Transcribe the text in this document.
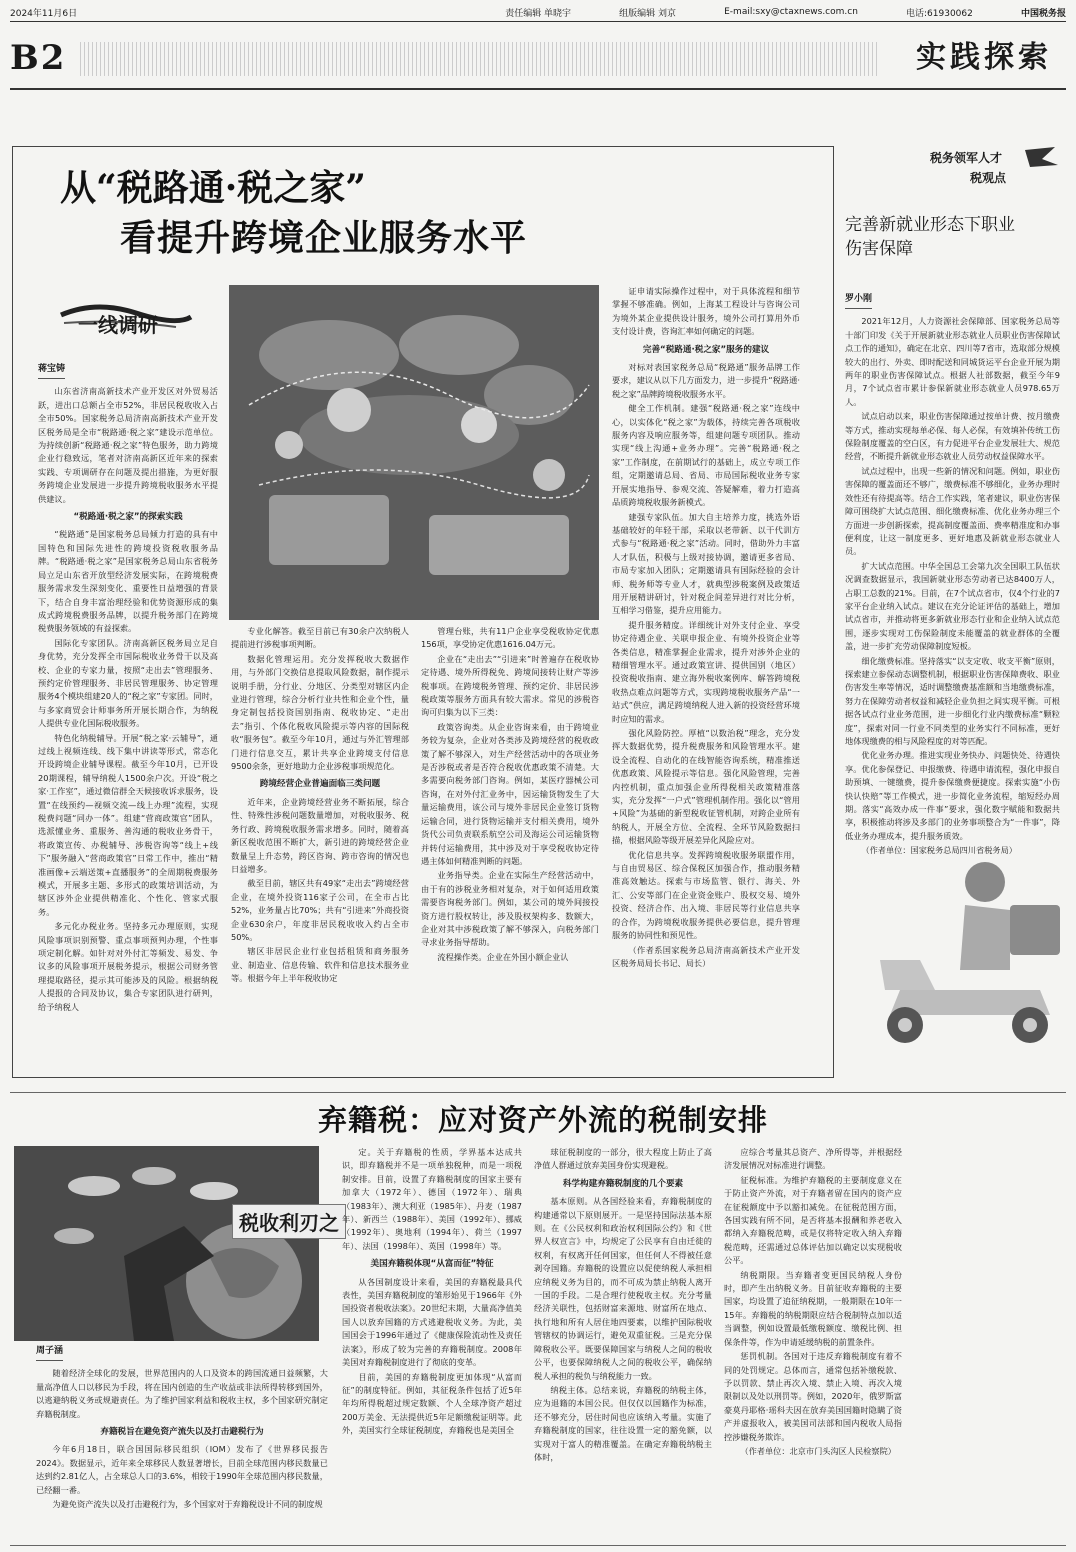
2024年11月6日	责任编辑 单晓宇	组版编辑 刘京	E-mail:sxy@ctaxnews.com.cn	电话:61930062	中国税务报
B2	实践探索
从“税路通·税之家”
看提升跨境企业服务水平
一线调研
蒋宝铸

山东省济南高新技术产业开发区对外贸易活跃，进出口总额占全市52%，非居民税收收入占全市50%。国家税务总局济南高新技术产业开发区税务局是全市“税路通·税之家”建设示范单位。为持续创新“税路通·税之家”特色服务，助力跨境企业行稳致远，笔者对济南高新区近年来的探索实践、专项调研存在问题及提出措施，为更好服务跨境企业发展进一步提升跨境税收服务水平提供建议。

“税路通·税之家”的探索实践

“税路通”是国家税务总局倾力打造的具有中国特色和国际先进性的跨境投资税收服务品牌。“税路通·税之家”是国家税务总局山东省税务局立足山东省开放型经济发展实际，在跨境税费服务需求发生深刻变化、重要性日益增强的背景下，结合自身丰富治理经验和优势资源形成的集成式跨境税费服务品牌，以提升税务部门在跨境税费服务领域的有益探索。

国际化专家团队。济南高新区税务局立足自身优势，充分发挥全市国际税收业务骨干以及高校、企业的专家力量，按照“走出去”管理服务、预约定价管理服务、非居民管理服务、协定管理服务4个模块组建20人的“税之家”专家团。同时，与多家商贸会计师事务所开展长期合作，为纳税人提供专业化国际税收服务。

特色化纳税辅导。开展“税之家·云辅导”，通过线上视频连线、线下集中讲读等形式，常态化开设跨境企业辅导课程。截至今年10月，已开设20期课程，辅导纳税人1500余户次。开设“税之家·工作室”，通过微信群全天候接收诉求服务，设置“在线预约—视频交流—线上办理”流程，实现税费问题“同办一体”。组建“营商政策官”团队，选派懂业务、重服务、善沟通的税收业务骨干，将政策宣传、办税辅导、涉税咨询等“线上+线下”服务融入“营商政策官”日常工作中，推出“精准画像+云端送策+直播服务”的全周期税费服务模式，开展多主题、多形式的政策培训活动，为辖区涉外企业提供精准化、个性化、管家式服务。

多元化办税业务。坚持多元办理原则，实现风险事项识别预警、重点事项预判办理，个性事项定制化解。如针对对外付汇等频发、易发、争议多的风险事项开展税务提示，根据公司财务管理提取路径，提示其可能涉及的风险。根据纳税人提报的合同及协议，集合专家团队进行研判，给予纳税人

专业化解答。截至目前已有30余户次纳税人提前进行涉税事项判断。

数据化管理运用。充分发挥税收大数据作用，与外部门交换信息提取风险数据，制作提示说明手册，分行业、分地区、分类型对辖区内企业进行管理，综合分析行业共性和企业个性，量身定制包括投资国别指南、税收协定、“走出去”指引、个体化税收风险提示等内容的国际税收“服务包”。截至今年10月，通过与外汇管理部门进行信息交互，累计共享企业跨境支付信息9500余条，更好地助力企业涉税事项规范化。

跨境经营企业普遍面临三类问题

近年来，企业跨境经营业务不断拓展，综合性、特殊性涉税问题数量增加，对税收服务、税务行政、跨境税收服务需求增多。同时，随着高新区税收范围不断扩大，新引进的跨境经营企业数量呈上升态势，跨区咨询、跨市咨询的情况也日益增多。

截至目前，辖区共有49家“走出去”跨境经营企业，在境外投资116家子公司，在全市占比52%，业务量占比70%；共有“引进来”外商投资企业630余户，年度非居民税收收入约占全市50%。

辖区非居民企业行业包括租赁和商务服务业、制造业、信息传输、软件和信息技术服务业等。根据今年上半年税收协定

管理台账，共有11户企业享受税收协定优惠156项，享受协定优惠1616.04万元。

企业在“走出去”“引进来”时普遍存在税收协定待遇、境外所得税免、跨境间接转让财产等涉税事项。在跨境税务管理、预约定价、非居民涉税政策等服务方面具有较大需求。常见的涉税咨询可归集为以下三类：

政策咨询类。从企业咨询来看，由于跨境业务较为复杂，企业对各类涉及跨境经营的税收政策了解不够深入，对生产经营活动中的各项业务是否涉税或者是否符合税收优惠政策不清楚。大多需要向税务部门咨询。例如，某医疗器械公司咨询，在对外付汇业务中，因运输货物发生了大量运输费用，该公司与境外非居民企业签订货物运输合同，进行货物运输并支付相关费用，境外货代公司负责联系航空公司及海运公司运输货物并转付运输费用，其中涉及对于享受税收协定待遇主体如何精准判断的问题。

业务指导类。企业在实际生产经营活动中，由于有的涉税业务相对复杂，对于如何适用政策需要咨询税务部门。例如，某公司的境外间接投资方进行股权转让，涉及股权架构多、数额大，企业对其中涉税政策了解不够深入，向税务部门寻求业务指导帮助。

流程操作类。企业在外国小额企业认

证申请实际操作过程中，对于具体流程和细节掌握不够准确。例如，上海某工程设计与咨询公司为境外某企业提供设计服务，境外公司打算用外币支付设计费，咨询汇率如何确定的问题。

完善“税路通·税之家”服务的建议

对标对表国家税务总局“税路通”服务品牌工作要求，建议从以下几方面发力，进一步提升“税路通·税之家”品牌跨境税收服务水平。

健全工作机制。建强“税路通·税之家”连线中心，以实体化“税之家”为载体，持续完善各项税收服务内容及响应服务等，组建问题专项团队。推动实现“线上沟通+业务办理”。完善“税路通·税之家”工作制度，在前期试行的基础上，成立专项工作组，定期邀请总局、省局、市局国际税收业务专家开展实地指导、参观交流、答疑解难，着力打造高品质跨境税收服务新模式。

建强专家队伍。加大自主培养力度，挑选外语基础较好的年轻干部，采取以老带新、以干代训方式参与“税路通·税之家”活动。同时，借助外力丰富人才队伍，积极与上级对接协调，邀请更多省局、市局专家加入团队；定期邀请具有国际经验的会计师、税务师等专业人才，就典型涉税案例及政策适用开展精讲研讨，针对税企间差异进行对比分析，互相学习借鉴，提升应用能力。

提升服务精度。详细统计对外支付企业、享受协定待遇企业、关联申报企业、有境外投资企业等各类信息，精准掌握企业需求，提升对涉外企业的精细管理水平。通过政策宣讲、提供国别（地区）投资税收指南、建立海外税收案例库、解答跨境税收热点难点问题等方式，实现跨境税收服务产品“一站式”供应，满足跨境纳税人进入新的投资经营环境时应知的需求。

强化风险防控。厚植“以数治税”理念，充分发挥大数据优势，提升税费服务和风险管理水平。建设全流程、自动化的在线智能咨询系统，精准推送优惠政策、风险提示等信息。强化风险管理，完善内控机制，重点加强企业所得税相关政策精准落实，充分发挥“一户式”管理机制作用。强化以“管用+风险”为基础的新型税收征管机制，对跨企业所有纳税人，开展全方位、全流程、全环节风险数据扫描，根据风险等级开展差异化风险应对。

优化信息共享。发挥跨境税收服务联盟作用，与自由贸易区、综合保税区加强合作，推动服务精准高效触达。探索与市场监管、银行、海关、外汇、公安等部门在企业资金账户、股权交易、境外投资、经济合作、出入境、非居民等行业信息共享的合作，为跨境税收服务提供必要信息，提升管理服务的协同性和预见性。

（作者系国家税务总局济南高新技术产业开发区税务局局长书记、局长）

税务领军人才
税观点
完善新就业形态下职业
伤害保障
罗小刚

2021年12月，人力资源社会保障部、国家税务总局等十部门印发《关于开展新就业形态就业人员职业伤害保障试点工作的通知》，确定在北京、四川等7省市，选取部分规模较大的出行、外卖、即时配送和同城货运平台企业开展为期两年的职业伤害保障试点。根据人社部数据，截至今年9月，7个试点省市累计参保新就业形态就业人员978.65万人。

试点启动以来，职业伤害保障通过按单计费、按月缴费等方式，推动实现每单必保、每人必保，有效填补传统工伤保险制度覆盖的空白区，有力促进平台企业发展壮大、规范经营，不断提升新就业形态就业人员劳动权益保障水平。

试点过程中，出现一些新的情况和问题。例如，职业伤害保障的覆盖面还不够广，缴费标准不够细化，业务办理时效性还有待提高等。结合工作实践，笔者建议，职业伤害保障可围绕扩大试点范围、细化缴费标准、优化业务办理三个方面进一步创新探索，提高制度覆盖面、费率精准度和办事便利度，让这一制度更多、更好地惠及新就业形态就业人员。

扩大试点范围。中华全国总工会第九次全国职工队伍状况调查数据显示，我国新就业形态劳动者已达8400万人，占职工总数的21%。目前，在7个试点省市，仅4个行业的7家平台企业纳入试点。建议在充分论证评估的基础上，增加试点省市，并推动将更多新就业形态行业和企业纳入试点范围，逐步实现对工伤保险制度未能覆盖的就业群体的全覆盖，进一步扩充劳动保障制度短板。

细化缴费标准。坚持落实“以支定收、收支平衡”原则，探索建立参保动态调整机制，根据职业伤害保障费收、职业伤害发生率等情况，适时调整缴费基准额和当地缴费标准，努力在保障劳动者权益和减轻企业负担之间实现平衡。可根据各试点行业业务范围，进一步细化行业内缴费标准“颗粒度”，探索对同一行业不同类型的业务实行不同标准，更好地体现缴费的相与风险程度的对等匹配。

优化业务办理。推进实现业务快办、问题快处、待遇快享。优化参保登记、申报缴费、待遇申请流程，强化申报自助预填、一键缴费，提升参保缴费便捷度。探索实施“小伤快认快赔”等工作模式，进一步简化业务流程，缩短经办周期。落实“高效办成一件事”要求，强化数字赋能和数据共享，积极推动将涉及多部门的业务事项整合为“一件事”，降低业务办理成本，提升服务质效。

（作者单位：国家税务总局四川省税务局）

弃籍税：应对资产外流的税制安排
税收利刃之
周子涵

随着经济全球化的发展，世界范围内的人口及资本的跨国流通日益频繁，大量高净值人口以移民为手段，将在国内创造的生产收益或非法所得转移到国外，以逃避纳税义务或规避责任。为了维护国家利益和税收主权，多个国家研究制定弃籍税制度。

弃籍税旨在避免资产流失以及打击避税行为

今年6月18日，联合国国际移民组织（IOM）发布了《世界移民报告2024》。数据显示，近年来全球移民人数显著增长，目前全球范围内移民数量已达到约2.81亿人，占全球总人口的3.6%，相较于1990年全球范围内移民数量，已经翻一番。

为避免资产流失以及打击避税行为，多个国家对于弃籍税设计不同的制度规

定。关于弃籍税的性质，学界基本达成共识，即弃籍税并不是一项单独税种，而是一项税制安排。目前，设置了弃籍税制度的国家主要有加拿大（1972年）、德国（1972年）、瑞典（1983年）、澳大利亚（1985年）、丹麦（1987年）、新西兰（1988年）、美国（1992年）、挪威（1992年）、奥地利（1994年）、荷兰（1997年）、法国（1998年）、英国（1998年）等。

美国弃籍税体现“从富而征”特征

从各国制度设计来看，美国的弃籍税最具代表性，美国弃籍税制度的雏形始见于1966年《外国投资者税收法案》。20世纪末期，大量高净值美国人以放弃国籍的方式逃避税收义务。为此，美国国会于1996年通过了《健康保险流动性及责任法案》，形成了较为完善的弃籍税制度。2008年美国对弃籍税制度进行了彻底的变革。

目前，美国的弃籍税制度更加体现“从富而征”的制度特征。例如，其征税条件包括了近5年年均所得税超过规定数额、个人全球净资产超过200万美金、无法提供近5年足额缴税证明等。此外，美国实行全球征税制度，弃籍税也是美国全

球征税制度的一部分，很大程度上防止了高净值人群通过放弃美国身份实现避税。

科学构建弃籍税制度的几个要素

基本原则。从各国经验来看，弃籍税制度的构建通常以下原则展开。一是坚持国际法基本原则。在《公民权利和政治权利国际公约》和《世界人权宣言》中，均规定了公民享有自由迁徙的权利，有权离开任何国家，但任何人不得被任意剥夺国籍。弃籍税的设置应以促使纳税人承担相应纳税义务为目的，而不可成为禁止纳税人离开一国的手段。二是合理行使税收主权。充分考量经济关联性，包括财富来源地、财富所在地点、执行地和所有人居住地四要素，以维护国际税收管辖权的协调运行，避免双重征税。三是充分保障税收公平。既要保障国家与纳税人之间的税收公平，也要保障纳税人之间的税收公平，确保纳税人承担的税负与纳税能力一致。

纳税主体。总结来说，弃籍税的纳税主体，应为退籍的本国公民。但仅仅以国籍作为标准，还不够充分，居住时间也应该纳入考量。实施了弃籍税制度的国家，往往设置一定的豁免额，以实现对于富人的精准覆盖。在确定弃籍税纳税主体时，

应综合考量其总资产、净所得等，并根据经济发展情况对标准进行调整。

征税标准。为维护弃籍税的主要制度意义在于防止资产外流，对于弃籍者留在国内的资产应在征税额度中予以豁扣减免。在征税范围方面，各国实践有所不同，是否将基本报酬和养老收入都纳入弃籍税范畴，或是仅将特定收入纳入弃籍税范畴，还需通过总体评估加以确定以实现税收公平。

纳税期限。当弃籍者变更国民纳税人身份时，即产生出纳税义务。目前征收弃籍税的主要国家，均设置了追征纳税期，一般期限在10年一15年。弃籍税的纳税期限应结合税制特点加以适当调整，例如设置最低缴税额度、缴税比例、担保条件等，作为申请延缓纳税的前置条件。

惩罚机制。各国对于违反弃籍税制度有着不同的处罚规定。总体而言，通常包括补缴税款、予以罚款、禁止再次入境、禁止入境、再次入境限制以及处以刑罚等。例如，2020年，俄罗斯富豪莫丹耶格·瑶科夫因在放弃美国国籍时隐瞒了资产并虚报收入，被美国司法部和国内税收人局指控涉嫌税务欺诈。

（作者单位：北京市门头沟区人民检察院）
